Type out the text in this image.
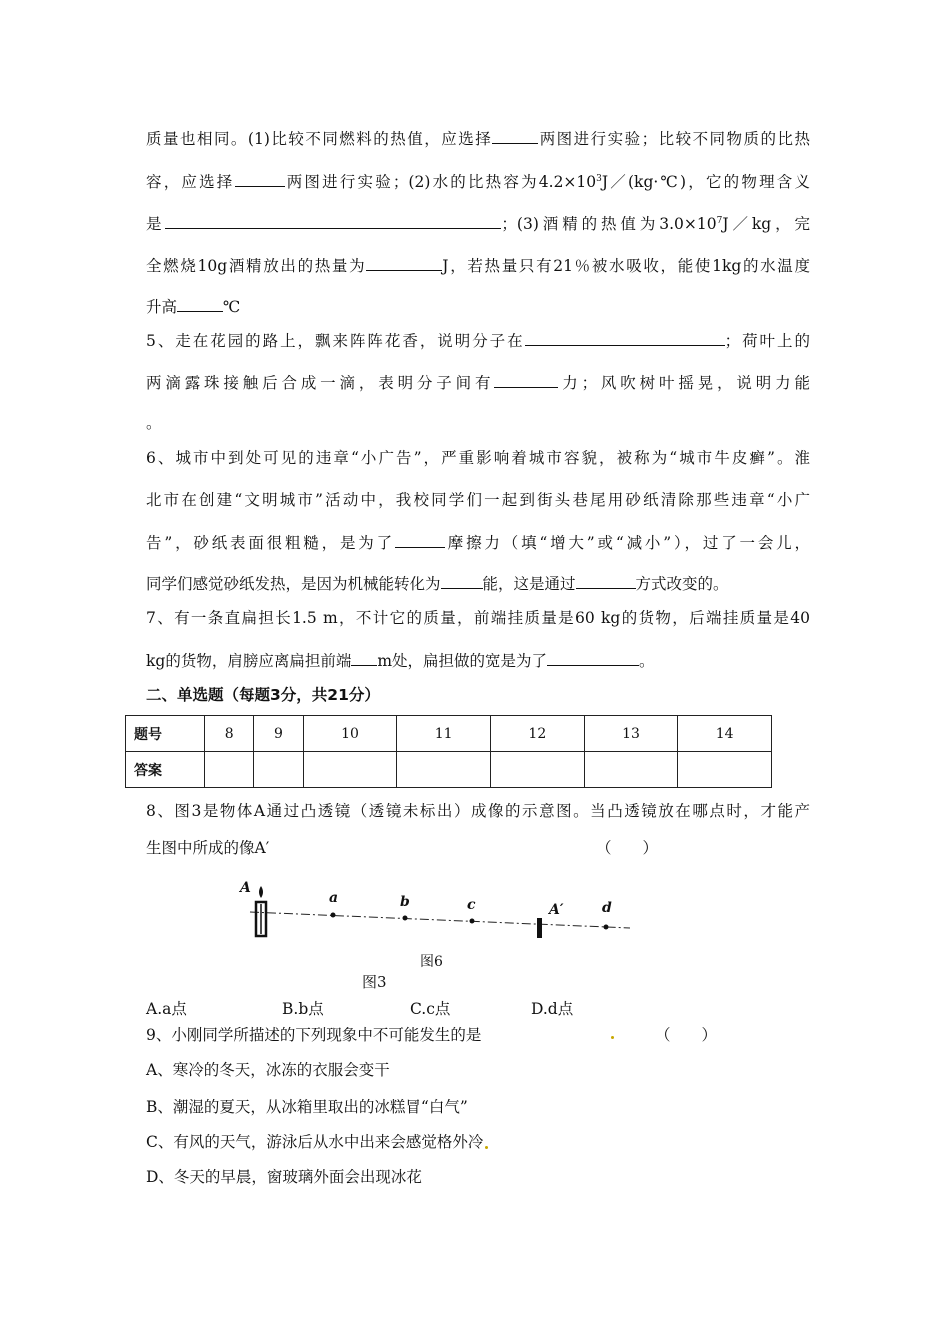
质量也相同。(1)比较不同燃料的热值，应选择	两图进行实验；比较不同物质的比热
容，应选择	两图进行实验；(2)水的比热容为$4.2\times 10^3J/(kg\cdot℃)$，它的物理含义
是	；(3)酒精的热值为$3.0\times 10^7J/kg$，完
全燃烧10g酒精放出的热量为	J，若热量只有21％被水吸收，能使1kg的水温度
升高	℃
5、走在花园的路上，飘来阵阵花香，说明分子在	；荷叶上的
两滴露珠接触后合成一滴，表明分子间有	力；风吹树叶摇晃，说明力能
。
6、城市中到处可见的违章“小广告”，严重影响着城市容貌，被称为“城市牛皮癣”。淮
北市在创建“文明城市”活动中，我校同学们一起到街头巷尾用砂纸清除那些违章“小广
告”，砂纸表面很粗糙，是为了	摩擦力（填“增大”或“减小”），过了一会儿，
同学们感觉砂纸发热，是因为机械能转化为	能，这是通过	方式改变的。
7、有一条直扁担长1.5 m，不计它的质量，前端挂质量是60 kg的货物，后端挂质量是40
kg的货物，肩膀应离扁担前端 m处，扁担做的宽是为了	。
二、单选题（每题3分，共21分）
题号	8	9	10	11	12	13	14
答案							
8、图3是物体A通过凸透镜（透镜未标出）成像的示意图。当凸透镜放在哪点时，才能产
生图中所成的像A′	（　　）
A
a	b	c	A′	d
图6
图3
A.a点	B.b点	C.c点	D.d点
9、小刚同学所描述的下列现象中不可能发生的是	（　　）
A、寒冷的冬天，冰冻的衣服会变干
B、潮湿的夏天，从冰箱里取出的冰糕冒“白气”
C、有风的天气，游泳后从水中出来会感觉格外冷
D、冬天的早晨，窗玻璃外面会出现冰花
